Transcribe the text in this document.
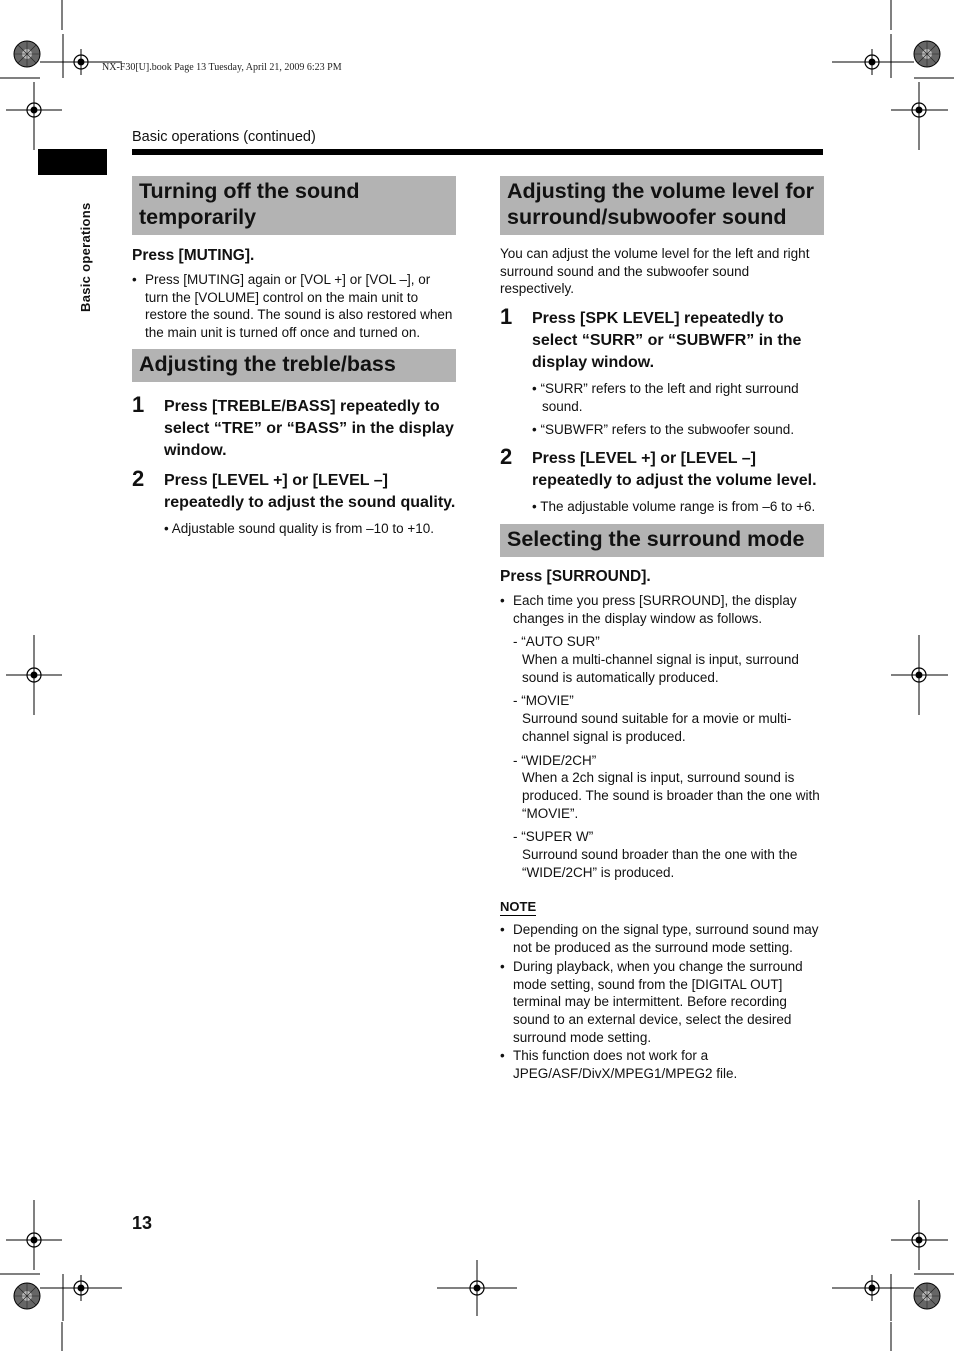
NX-F30[U].book Page 13 Tuesday, April 21, 2009 6:23 PM
Basic operations (continued)
Basic operations
Turning off the sound temporarily
Press [MUTING].
• Press [MUTING] again or [VOL +] or [VOL –], or turn the [VOLUME] control on the main unit to restore the sound. The sound is also restored when the main unit is turned off once and turned on.
Adjusting the treble/bass
1 Press [TREBLE/BASS] repeatedly to select “TRE” or “BASS” in the display window.
2 Press [LEVEL +] or [LEVEL –] repeatedly to adjust the sound quality.
• Adjustable sound quality is from –10 to +10.
Adjusting the volume level for surround/subwoofer sound
You can adjust the volume level for the left and right surround sound and the subwoofer sound respectively.
1 Press [SPK LEVEL] repeatedly to select “SURR” or “SUBWFR” in the display window.
• “SURR” refers to the left and right surround sound.
• “SUBWFR” refers to the subwoofer sound.
2 Press [LEVEL +] or [LEVEL –] repeatedly to adjust the volume level.
• The adjustable volume range is from –6 to +6.
Selecting the surround mode
Press [SURROUND].
• Each time you press [SURROUND], the display changes in the display window as follows.
- “AUTO SUR”
When a multi-channel signal is input, surround sound is automatically produced.
- “MOVIE”
Surround sound suitable for a movie or multi-channel signal is produced.
- “WIDE/2CH”
When a 2ch signal is input, surround sound is produced. The sound is broader than the one with “MOVIE”.
- “SUPER W”
Surround sound broader than the one with the “WIDE/2CH” is produced.
NOTE
• Depending on the signal type, surround sound may not be produced as the surround mode setting.
• During playback, when you change the surround mode setting, sound from the [DIGITAL OUT] terminal may be intermittent. Before recording sound to an external device, select the desired surround mode setting.
• This function does not work for a JPEG/ASF/DivX/MPEG1/MPEG2 file.
13
